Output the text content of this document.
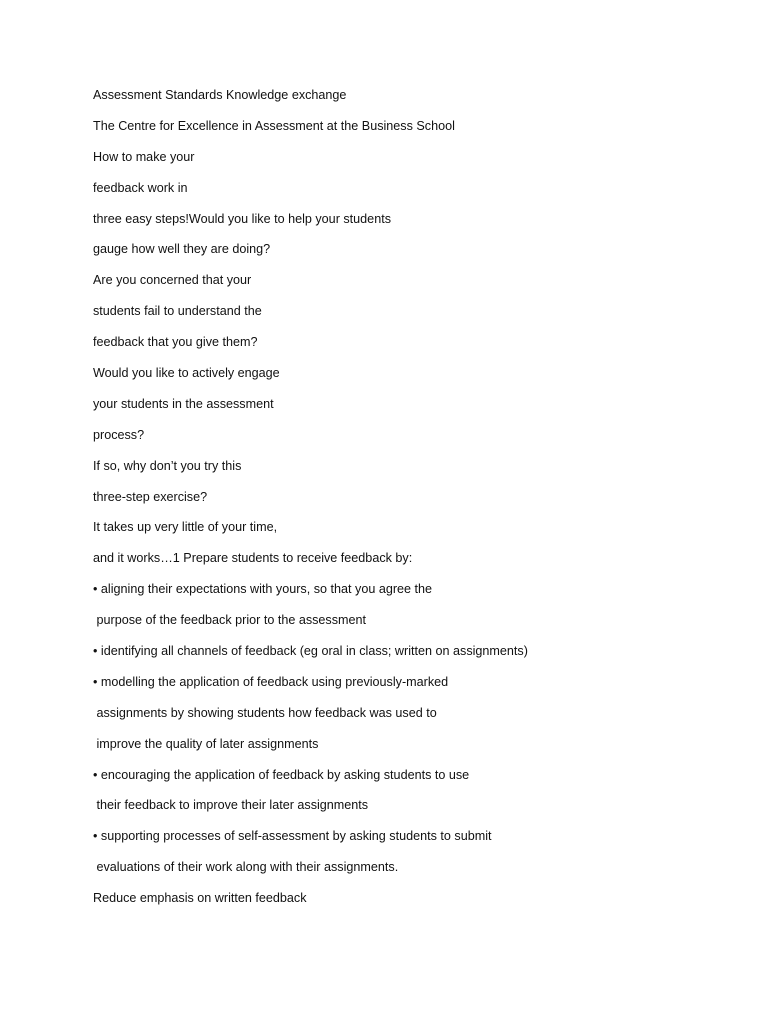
Assessment Standards Knowledge exchange
The Centre for Excellence in Assessment at the Business School
How to make your
feedback work in
three easy steps!Would you like to help your students
gauge how well they are doing?
Are you concerned that your
students fail to understand the
feedback that you give them?
Would you like to actively engage
your students in the assessment
process?
If so, why don’t you try this
three-step exercise?
It takes up very little of your time,
and it works…1 Prepare students to receive feedback by:
• aligning their expectations with yours, so that you agree the
purpose of the feedback prior to the assessment
• identifying all channels of feedback (eg oral in class; written on assignments)
• modelling the application of feedback using previously-marked
assignments by showing students how feedback was used to
improve the quality of later assignments
• encouraging the application of feedback by asking students to use
their feedback to improve their later assignments
• supporting processes of self-assessment by asking students to submit
evaluations of their work along with their assignments.
Reduce emphasis on written feedback
